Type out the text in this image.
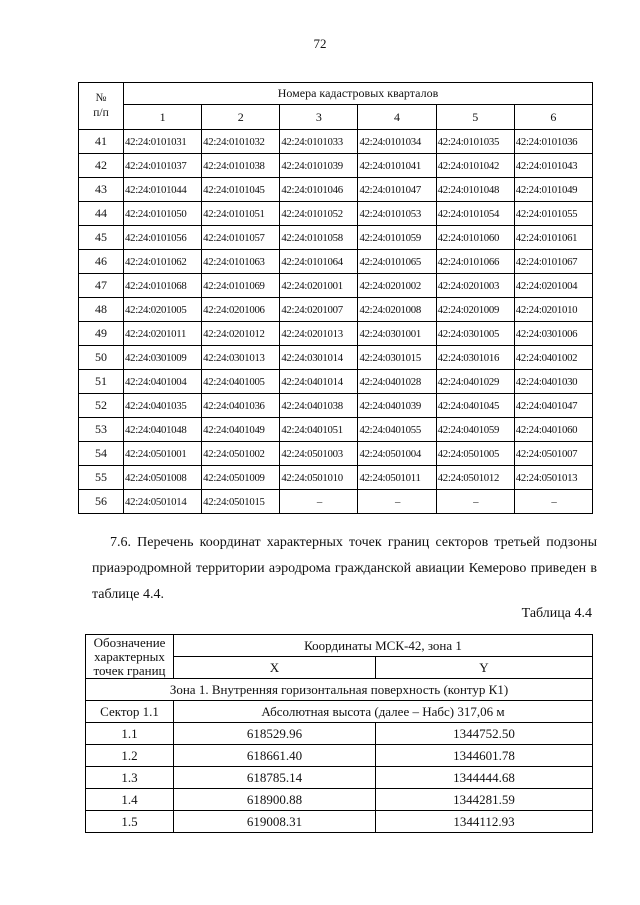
72
№
п/п	Номера кадастровых кварталов					
	1	2	3	4	5	6
41	42:24:0101031	42:24:0101032	42:24:0101033	42:24:0101034	42:24:0101035	42:24:0101036
42	42:24:0101037	42:24:0101038	42:24:0101039	42:24:0101041	42:24:0101042	42:24:0101043
43	42:24:0101044	42:24:0101045	42:24:0101046	42:24:0101047	42:24:0101048	42:24:0101049
44	42:24:0101050	42:24:0101051	42:24:0101052	42:24:0101053	42:24:0101054	42:24:0101055
45	42:24:0101056	42:24:0101057	42:24:0101058	42:24:0101059	42:24:0101060	42:24:0101061
46	42:24:0101062	42:24:0101063	42:24:0101064	42:24:0101065	42:24:0101066	42:24:0101067
47	42:24:0101068	42:24:0101069	42:24:0201001	42:24:0201002	42:24:0201003	42:24:0201004
48	42:24:0201005	42:24:0201006	42:24:0201007	42:24:0201008	42:24:0201009	42:24:0201010
49	42:24:0201011	42:24:0201012	42:24:0201013	42:24:0301001	42:24:0301005	42:24:0301006
50	42:24:0301009	42:24:0301013	42:24:0301014	42:24:0301015	42:24:0301016	42:24:0401002
51	42:24:0401004	42:24:0401005	42:24:0401014	42:24:0401028	42:24:0401029	42:24:0401030
52	42:24:0401035	42:24:0401036	42:24:0401038	42:24:0401039	42:24:0401045	42:24:0401047
53	42:24:0401048	42:24:0401049	42:24:0401051	42:24:0401055	42:24:0401059	42:24:0401060
54	42:24:0501001	42:24:0501002	42:24:0501003	42:24:0501004	42:24:0501005	42:24:0501007
55	42:24:0501008	42:24:0501009	42:24:0501010	42:24:0501011	42:24:0501012	42:24:0501013
56	42:24:0501014	42:24:0501015	–	–	–	–
7.6. Перечень координат характерных точек границ секторов третьей подзоны приаэродромной территории аэродрома гражданской авиации Кемерово приведен в таблице 4.4.
Таблица 4.4
Обозначение характерных точек границ	Координаты МСК-42, зона 1	
	X	Y
Зона 1. Внутренняя горизонтальная поверхность (контур К1)		
Сектор 1.1	Абсолютная высота (далее – Набс) 317,06 м	
1.1	618529.96	1344752.50
1.2	618661.40	1344601.78
1.3	618785.14	1344444.68
1.4	618900.88	1344281.59
1.5	619008.31	1344112.93
